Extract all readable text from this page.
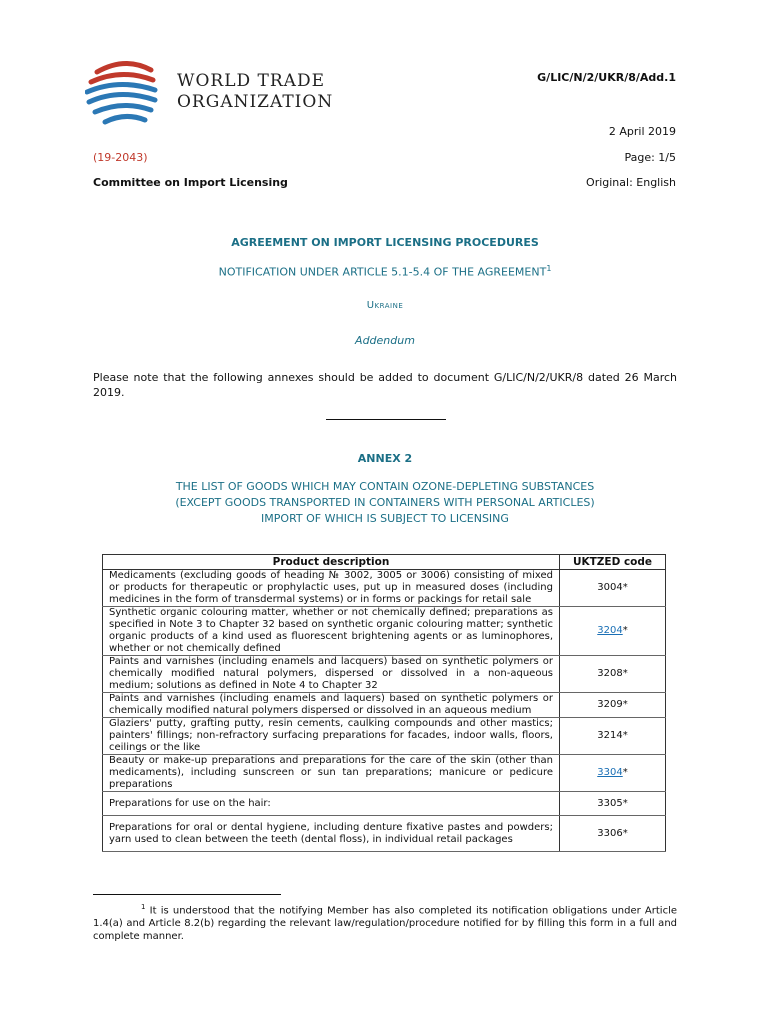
WORLD TRADE
ORGANIZATION
G/LIC/N/2/UKR/8/Add.1
2 April 2019
(19-2043)	Page: 1/5
Committee on Import Licensing	Original: English
AGREEMENT ON IMPORT LICENSING PROCEDURES
NOTIFICATION UNDER ARTICLE 5.1-5.4 OF THE AGREEMENT$^1$
Ukraine
Addendum
Please note that the following annexes should be added to document G/LIC/N/2/UKR/8 dated 26 March 2019.
ANNEX 2
THE LIST OF GOODS WHICH MAY CONTAIN OZONE-DEPLETING SUBSTANCES
(EXCEPT GOODS TRANSPORTED IN CONTAINERS WITH PERSONAL ARTICLES)
IMPORT OF WHICH IS SUBJECT TO LICENSING
Product description	UKTZED code
Medicaments (excluding goods of heading № 3002, 3005 or 3006) consisting of mixed or products for therapeutic or prophylactic uses, put up in measured doses (including medicines in the form of transdermal systems) or in forms or packings for retail sale	3004*
Synthetic organic colouring matter, whether or not chemically defined; preparations as specified in Note 3 to Chapter 32 based on synthetic organic colouring matter; synthetic organic products of a kind used as fluorescent brightening agents or as luminophores, whether or not chemically defined	3204*
Paints and varnishes (including enamels and lacquers) based on synthetic polymers or chemically modified natural polymers, dispersed or dissolved in a non-aqueous medium; solutions as defined in Note 4 to Chapter 32	3208*
Paints and varnishes (including enamels and laquers) based on synthetic polymers or chemically modified natural polymers dispersed or dissolved in an aqueous medium	3209*
Glaziers' putty, grafting putty, resin cements, caulking compounds and other mastics; painters' fillings; non-refractory surfacing preparations for facades, indoor walls, floors, ceilings or the like	3214*
Beauty or make-up preparations and preparations for the care of the skin (other than medicaments), including sunscreen or sun tan preparations; manicure or pedicure preparations	3304*
Preparations for use on the hair:	3305*
Preparations for oral or dental hygiene, including denture fixative pastes and powders; yarn used to clean between the teeth (dental floss), in individual retail packages	3306*
$^1$ It is understood that the notifying Member has also completed its notification obligations under Article 1.4(a) and Article 8.2(b) regarding the relevant law/regulation/procedure notified for by filling this form in a full and complete manner.
